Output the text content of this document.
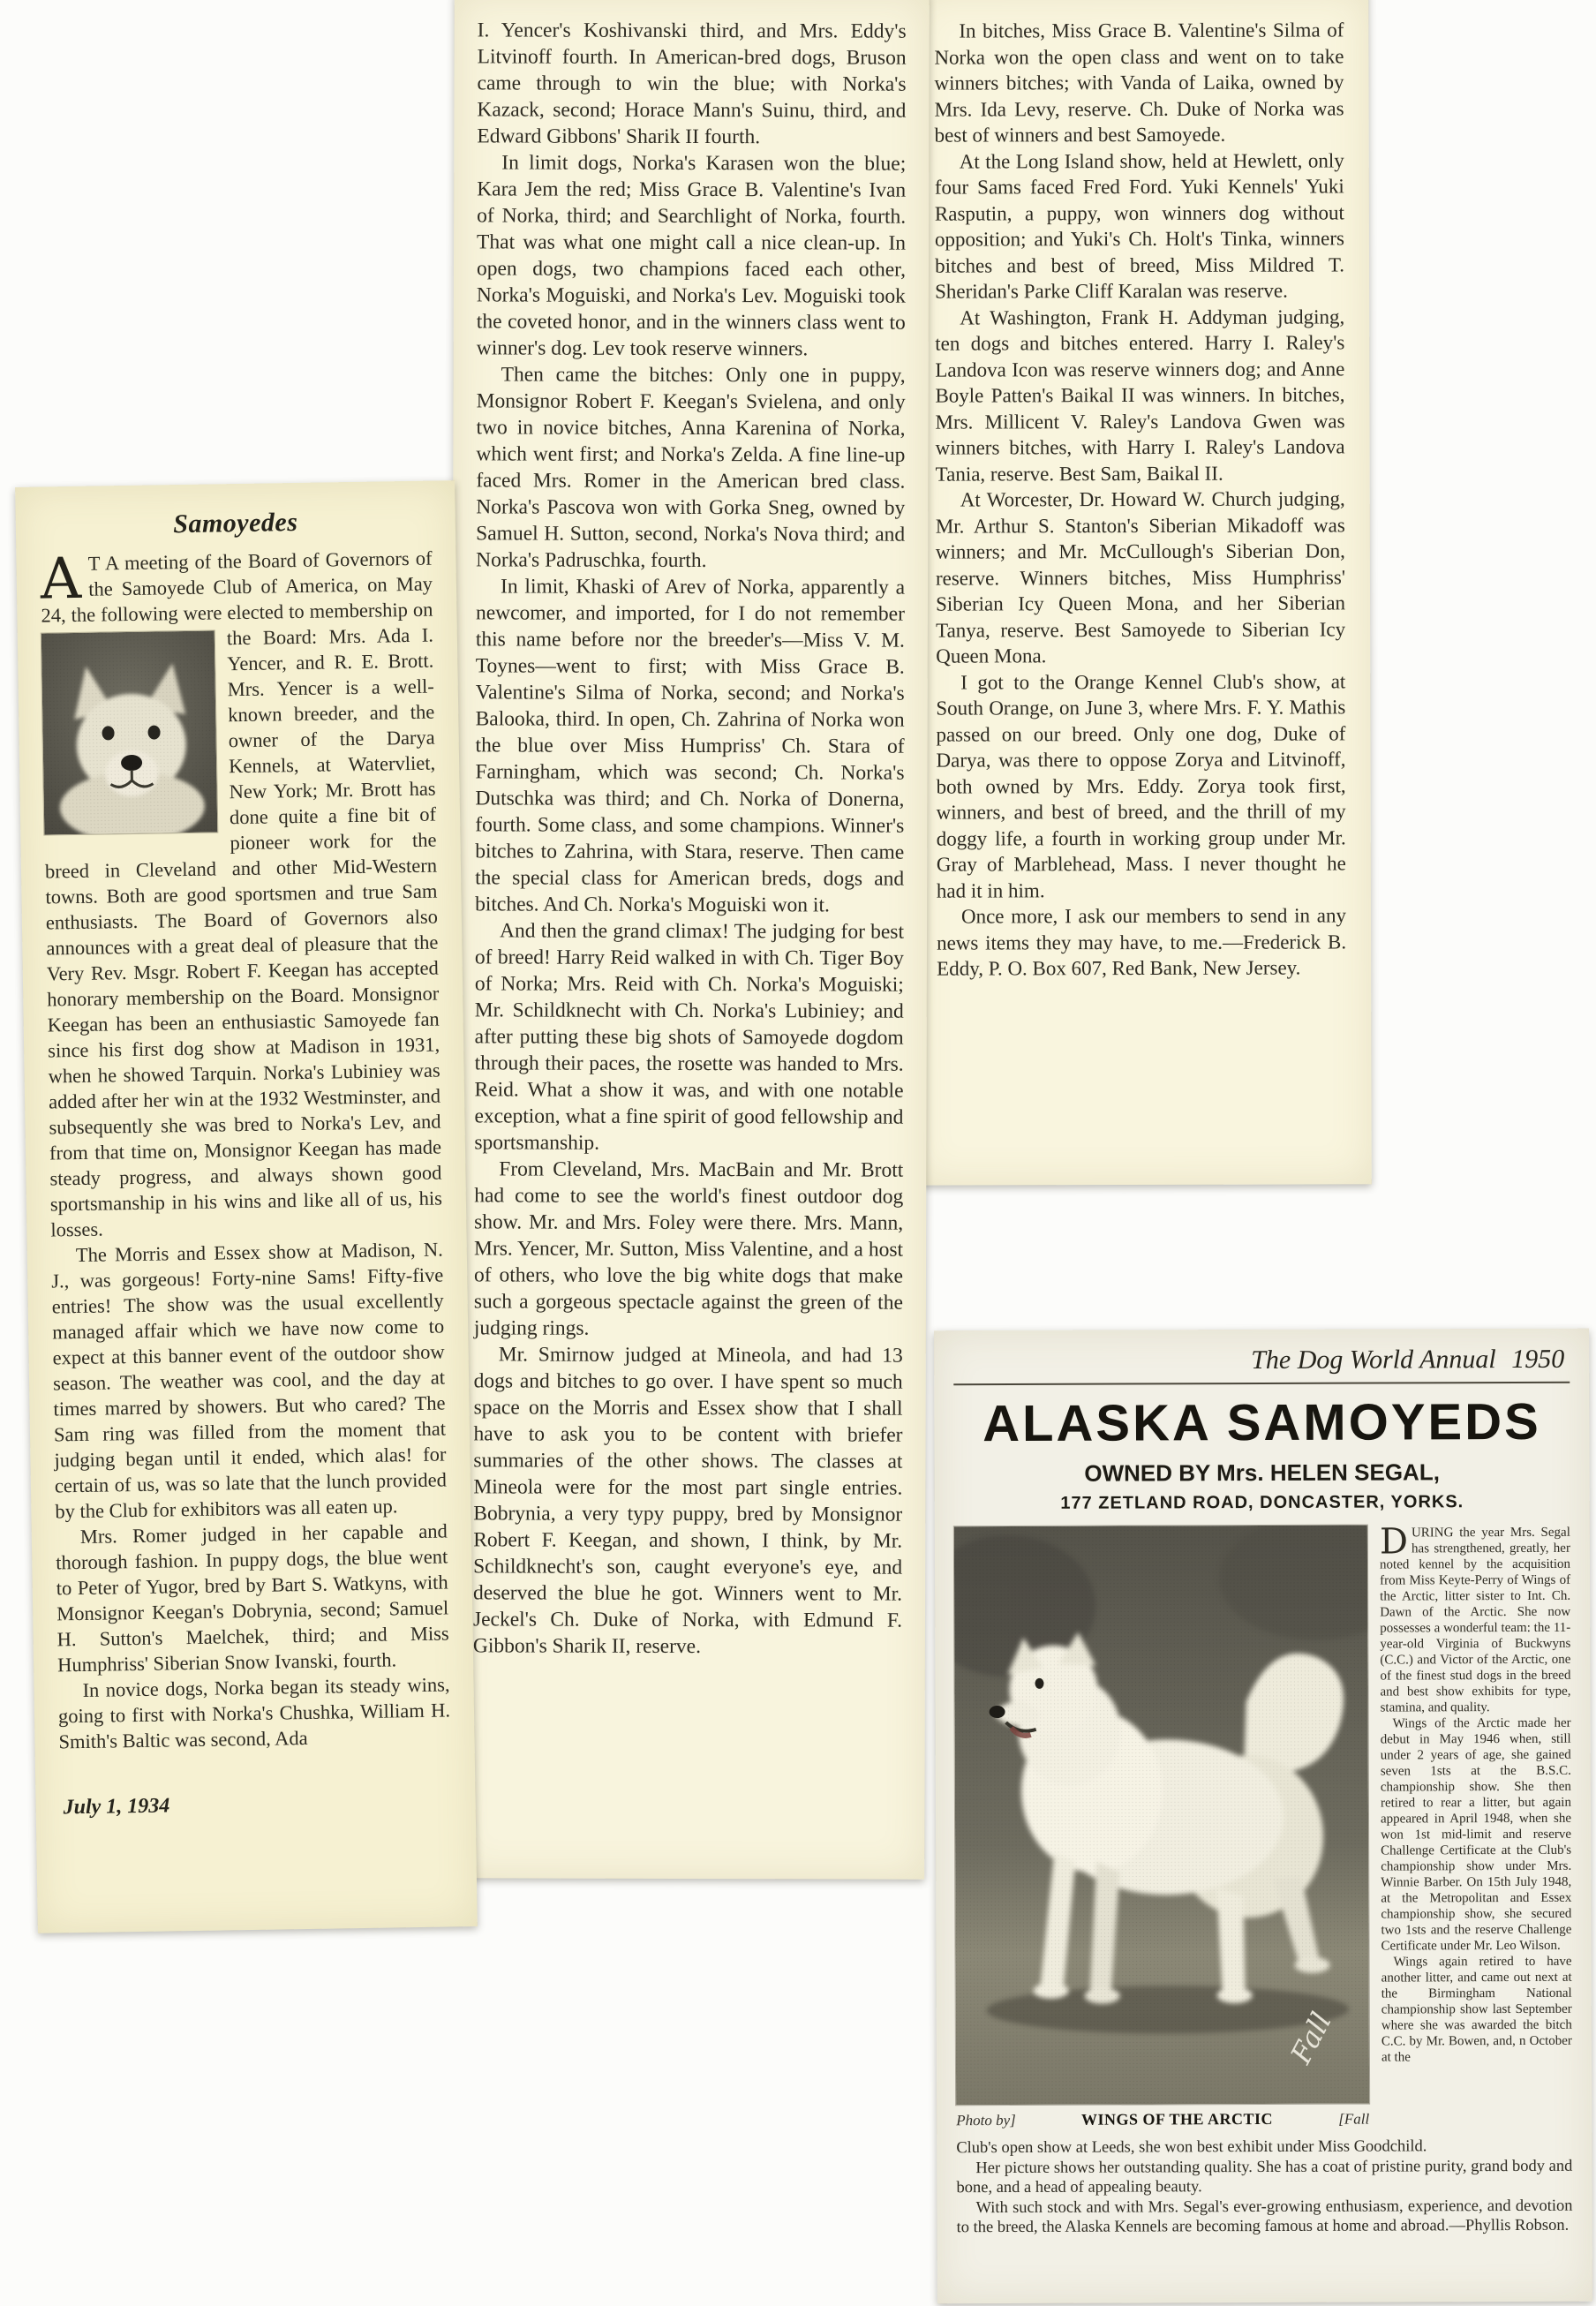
I. Yencer's Koshivanski third, and Mrs. Eddy's Litvinoff fourth. In American-bred dogs, Bruson came through to win the blue; with Norka's Kazack, second; Horace Mann's Suinu, third, and Edward Gibbons' Sharik II fourth.

In limit dogs, Norka's Karasen won the blue; Kara Jem the red; Miss Grace B. Valentine's Ivan of Norka, third; and Searchlight of Norka, fourth. That was what one might call a nice clean-up. In open dogs, two champions faced each other, Norka's Moguiski, and Norka's Lev. Moguiski took the coveted honor, and in the winners class went to winner's dog. Lev took reserve winners.

Then came the bitches: Only one in puppy, Monsignor Robert F. Keegan's Svielena, and only two in novice bitches, Anna Karenina of Norka, which went first; and Norka's Zelda. A fine line-up faced Mrs. Romer in the American bred class. Norka's Pascova won with Gorka Sneg, owned by Samuel H. Sutton, second, Norka's Nova third; and Norka's Padruschka, fourth.

In limit, Khaski of Arev of Norka, apparently a newcomer, and imported, for I do not remember this name before nor the breeder's—Miss V. M. Toynes—went to first; with Miss Grace B. Valentine's Silma of Norka, second; and Norka's Balooka, third. In open, Ch. Zahrina of Norka won the blue over Miss Humpriss' Ch. Stara of Farningham, which was second; Ch. Norka's Dutschka was third; and Ch. Norka of Donerna, fourth. Some class, and some champions. Winner's bitches to Zahrina, with Stara, reserve. Then came the special class for American breds, dogs and bitches. And Ch. Norka's Moguiski won it.

And then the grand climax! The judging for best of breed! Harry Reid walked in with Ch. Tiger Boy of Norka; Mrs. Reid with Ch. Norka's Moguiski; Mr. Schildknecht with Ch. Norka's Lubiniey; and after putting these big shots of Samoyede dogdom through their paces, the rosette was handed to Mrs. Reid. What a show it was, and with one notable exception, what a fine spirit of good fellowship and sportsmanship.

From Cleveland, Mrs. MacBain and Mr. Brott had come to see the world's finest outdoor dog show. Mr. and Mrs. Foley were there. Mrs. Mann, Mrs. Yencer, Mr. Sutton, Miss Valentine, and a host of others, who love the big white dogs that make such a gorgeous spectacle against the green of the judging rings.

Mr. Smirnow judged at Mineola, and had 13 dogs and bitches to go over. I have spent so much space on the Morris and Essex show that I shall have to ask you to be content with briefer summaries of the other shows. The classes at Mineola were for the most part single entries. Bobrynia, a very typy puppy, bred by Monsignor Robert F. Keegan, and shown, I think, by Mr. Schildknecht's son, caught everyone's eye, and deserved the blue he got. Winners went to Mr. Jeckel's Ch. Duke of Norka, with Edmund F. Gibbon's Sharik II, reserve.

In bitches, Miss Grace B. Valentine's Silma of Norka won the open class and went on to take winners bitches; with Vanda of Laika, owned by Mrs. Ida Levy, reserve. Ch. Duke of Norka was best of winners and best Samoyede.

At the Long Island show, held at Hewlett, only four Sams faced Fred Ford. Yuki Kennels' Yuki Rasputin, a puppy, won winners dog without opposition; and Yuki's Ch. Holt's Tinka, winners bitches and best of breed, Miss Mildred T. Sheridan's Parke Cliff Karalan was reserve.

At Washington, Frank H. Addyman judging, ten dogs and bitches entered. Harry I. Raley's Landova Icon was reserve winners dog; and Anne Boyle Patten's Baikal II was winners. In bitches, Mrs. Millicent V. Raley's Landova Gwen was winners bitches, with Harry I. Raley's Landova Tania, reserve. Best Sam, Baikal II.

At Worcester, Dr. Howard W. Church judging, Mr. Arthur S. Stanton's Siberian Mikadoff was winners; and Mr. McCullough's Siberian Don, reserve. Winners bitches, Miss Humphriss' Siberian Icy Queen Mona, and her Siberian Tanya, reserve. Best Samoyede to Siberian Icy Queen Mona.

I got to the Orange Kennel Club's show, at South Orange, on June 3, where Mrs. F. Y. Mathis passed on our breed. Only one dog, Duke of Darya, was there to oppose Zorya and Litvinoff, both owned by Mrs. Eddy. Zorya took first, winners, and best of breed, and the thrill of my doggy life, a fourth in working group under Mr. Gray of Marblehead, Mass. I never thought he had it in him.

Once more, I ask our members to send in any news items they may have, to me.—Frederick B. Eddy, P. O. Box 607, Red Bank, New Jersey.

Samoyedes

A T A meeting of the Board of Governors of the Samoyede Club of America, on May 24, the following were elected to membership on the Board: Mrs. Ada I. Yencer, and R. E. Brott. Mrs. Yencer is a well-known breeder, and the owner of the Darya Kennels, at Watervliet, New York; Mr. Brott has done quite a fine bit of pioneer work for the breed in Cleveland and other Mid-Western towns. Both are good sportsmen and true Sam enthusiasts. The Board of Governors also announces with a great deal of pleasure that the Very Rev. Msgr. Robert F. Keegan has accepted honorary membership on the Board. Monsignor Keegan has been an enthusiastic Samoyede fan since his first dog show at Madison in 1931, when he showed Tarquin. Norka's Lubiniey was added after her win at the 1932 Westminster, and subsequently she was bred to Norka's Lev, and from that time on, Monsignor Keegan has made steady progress, and always shown good sportsmanship in his wins and like all of us, his losses.

The Morris and Essex show at Madison, N. J., was gorgeous! Forty-nine Sams! Fifty-five entries! The show was the usual excellently managed affair which we have now come to expect at this banner event of the outdoor show season. The weather was cool, and the day at times marred by showers. But who cared? The Sam ring was filled from the moment that judging began until it ended, which alas! for certain of us, was so late that the lunch provided by the Club for exhibitors was all eaten up.

Mrs. Romer judged in her capable and thorough fashion. In puppy dogs, the blue went to Peter of Yugor, bred by Bart S. Watkyns, with Monsignor Keegan's Dobrynia, second; Samuel H. Sutton's Maelchek, third; and Miss Humphriss' Siberian Snow Ivanski, fourth.

In novice dogs, Norka began its steady wins, going to first with Norka's Chushka, William H. Smith's Baltic was second, Ada

July 1, 1934
The Dog World Annual 1950
ALASKA SAMOYEDS
OWNED BY Mrs. HELEN SEGAL,
177 ZETLAND ROAD, DONCASTER, YORKS.
Fall
Photo by]	WINGS OF THE ARCTIC	[Fall

D URING the year Mrs. Segal has strengthened, greatly, her noted kennel by the acquisition from Miss Keyte-Perry of Wings of the Arctic, litter sister to Int. Ch. Dawn of the Arctic. She now possesses a wonderful team: the 11-year-old Virginia of Buckwyns (C.C.) and Victor of the Arctic, one of the finest stud dogs in the breed and best show exhibits for type, stamina, and quality.

Wings of the Arctic made her debut in May 1946 when, still under 2 years of age, she gained seven 1sts at the B.S.C. championship show. She then retired to rear a litter, but again appeared in April 1948, when she won 1st mid-limit and reserve Challenge Certificate at the Club's championship show under Mrs. Winnie Barber. On 15th July 1948, at the Metropolitan and Essex championship show, she secured two 1sts and the reserve Challenge Certificate under Mr. Leo Wilson.

Wings again retired to have another litter, and came out next at the Birmingham National championship show last September where she was awarded the bitch C.C. by Mr. Bowen, and, n October at the

Club's open show at Leeds, she won best exhibit under Miss Goodchild.

Her picture shows her outstanding quality. She has a coat of pristine purity, grand body and bone, and a head of appealing beauty.

With such stock and with Mrs. Segal's ever-growing enthusiasm, experience, and devotion to the breed, the Alaska Kennels are becoming famous at home and abroad.—Phyllis Robson.
